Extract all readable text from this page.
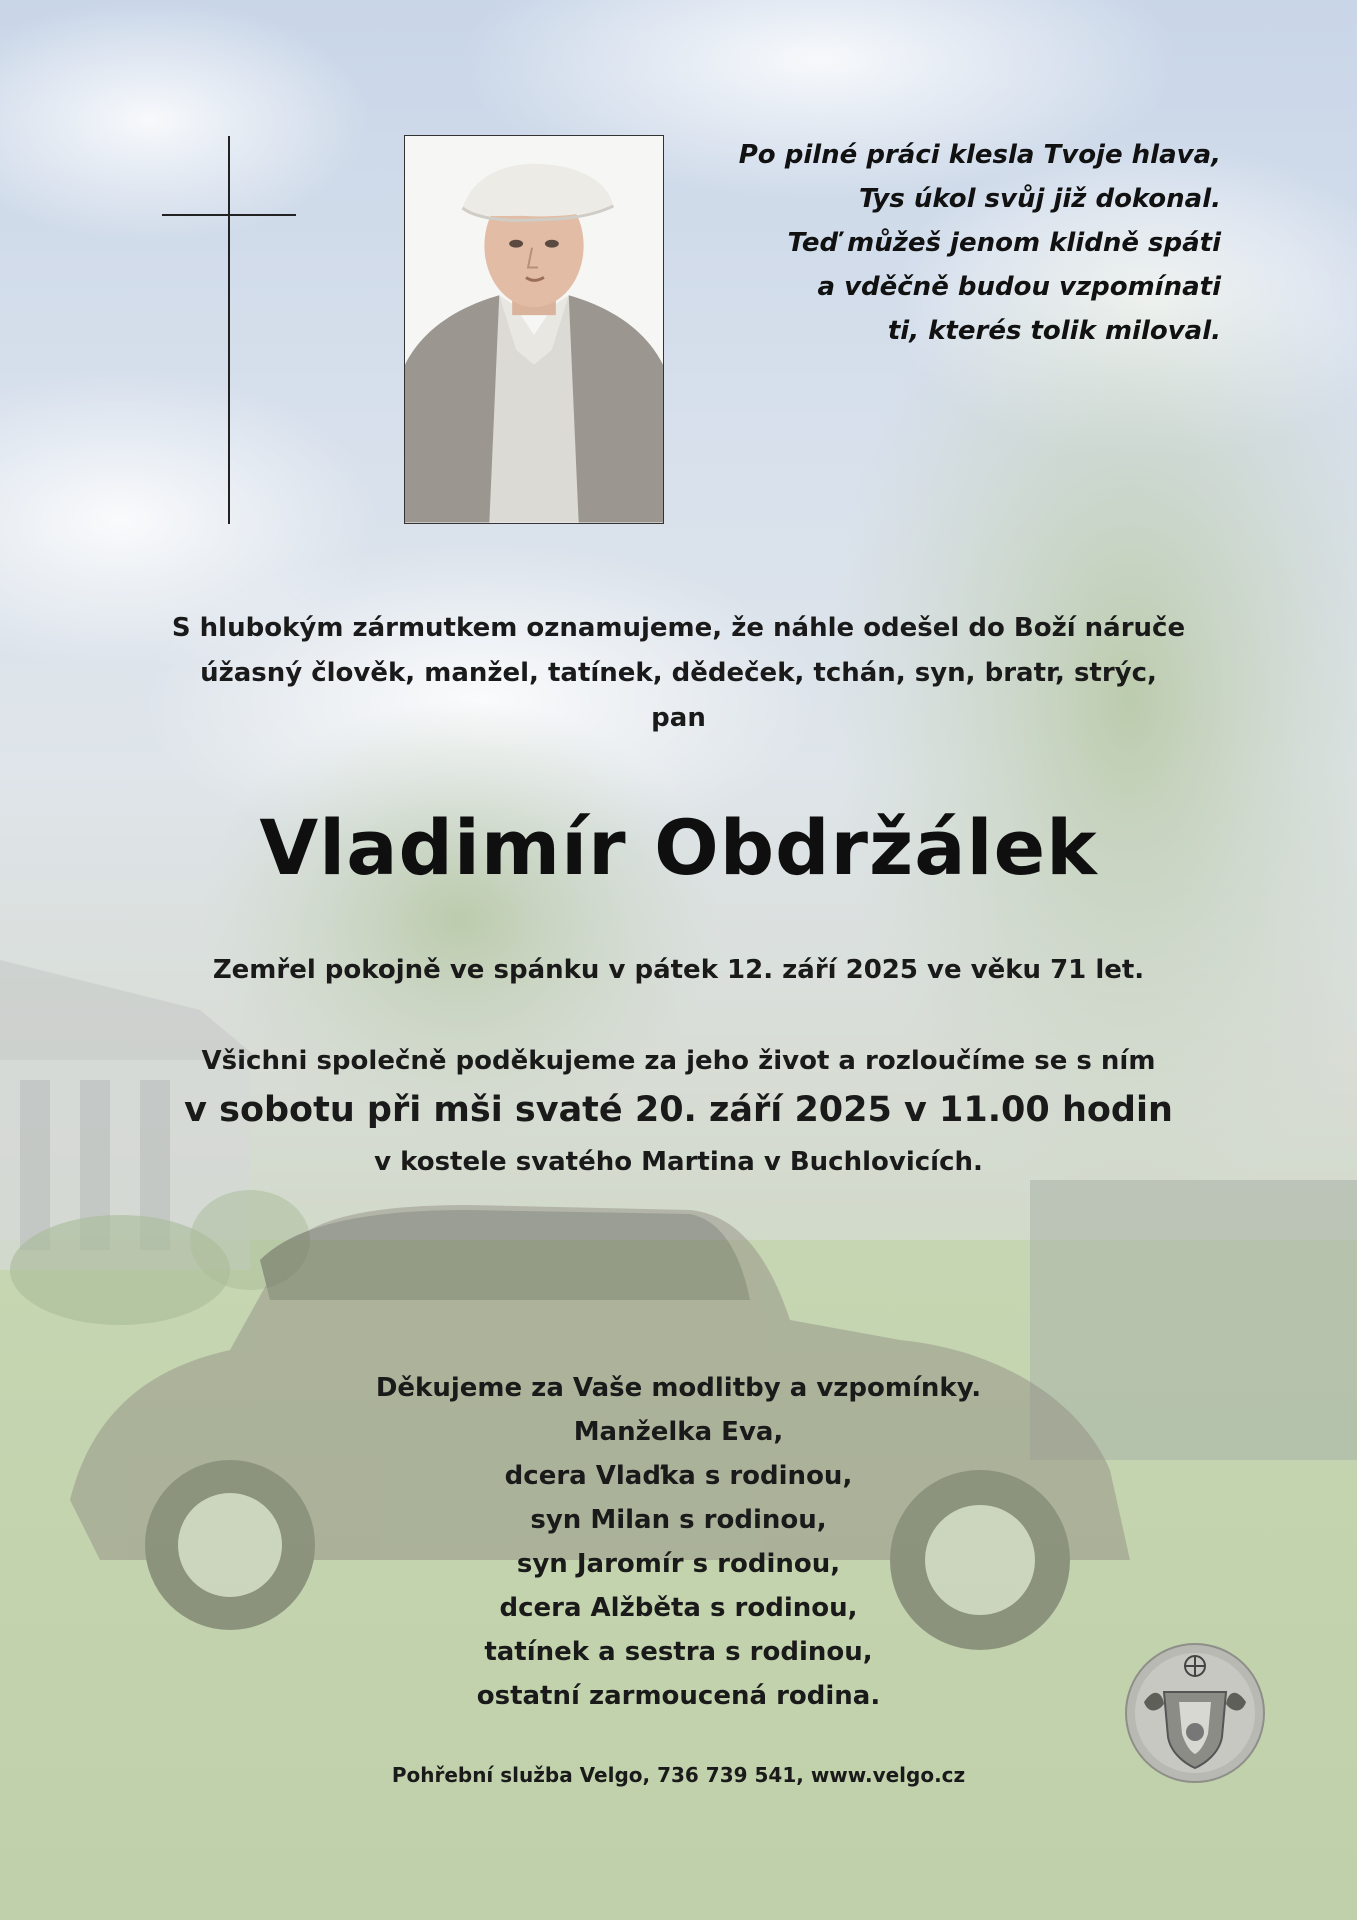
Po pilné práci klesla Tvoje hlava,
Tys úkol svůj již dokonal.
Teď můžeš jenom klidně spáti
a vděčně budou vzpomínati
ti, kterés tolik miloval.
S hlubokým zármutkem oznamujeme, že náhle odešel do Boží náruče
úžasný člověk, manžel, tatínek, dědeček, tchán, syn, bratr, strýc,
pan
Vladimír Obdržálek
Zemřel pokojně ve spánku v pátek 12. září 2025 ve věku 71 let.
Všichni společně poděkujeme za jeho život a rozloučíme se s ním
v sobotu při mši svaté 20. září 2025 v 11.00 hodin
v kostele svatého Martina v Buchlovicích.
Děkujeme za Vaše modlitby a vzpomínky.
Manželka Eva,
dcera Vlaďka s rodinou,
syn Milan s rodinou,
syn Jaromír s rodinou,
dcera Alžběta s rodinou,
tatínek a sestra s rodinou,
ostatní zarmoucená rodina.
Pohřební služba Velgo, 736 739 541, www.velgo.cz
